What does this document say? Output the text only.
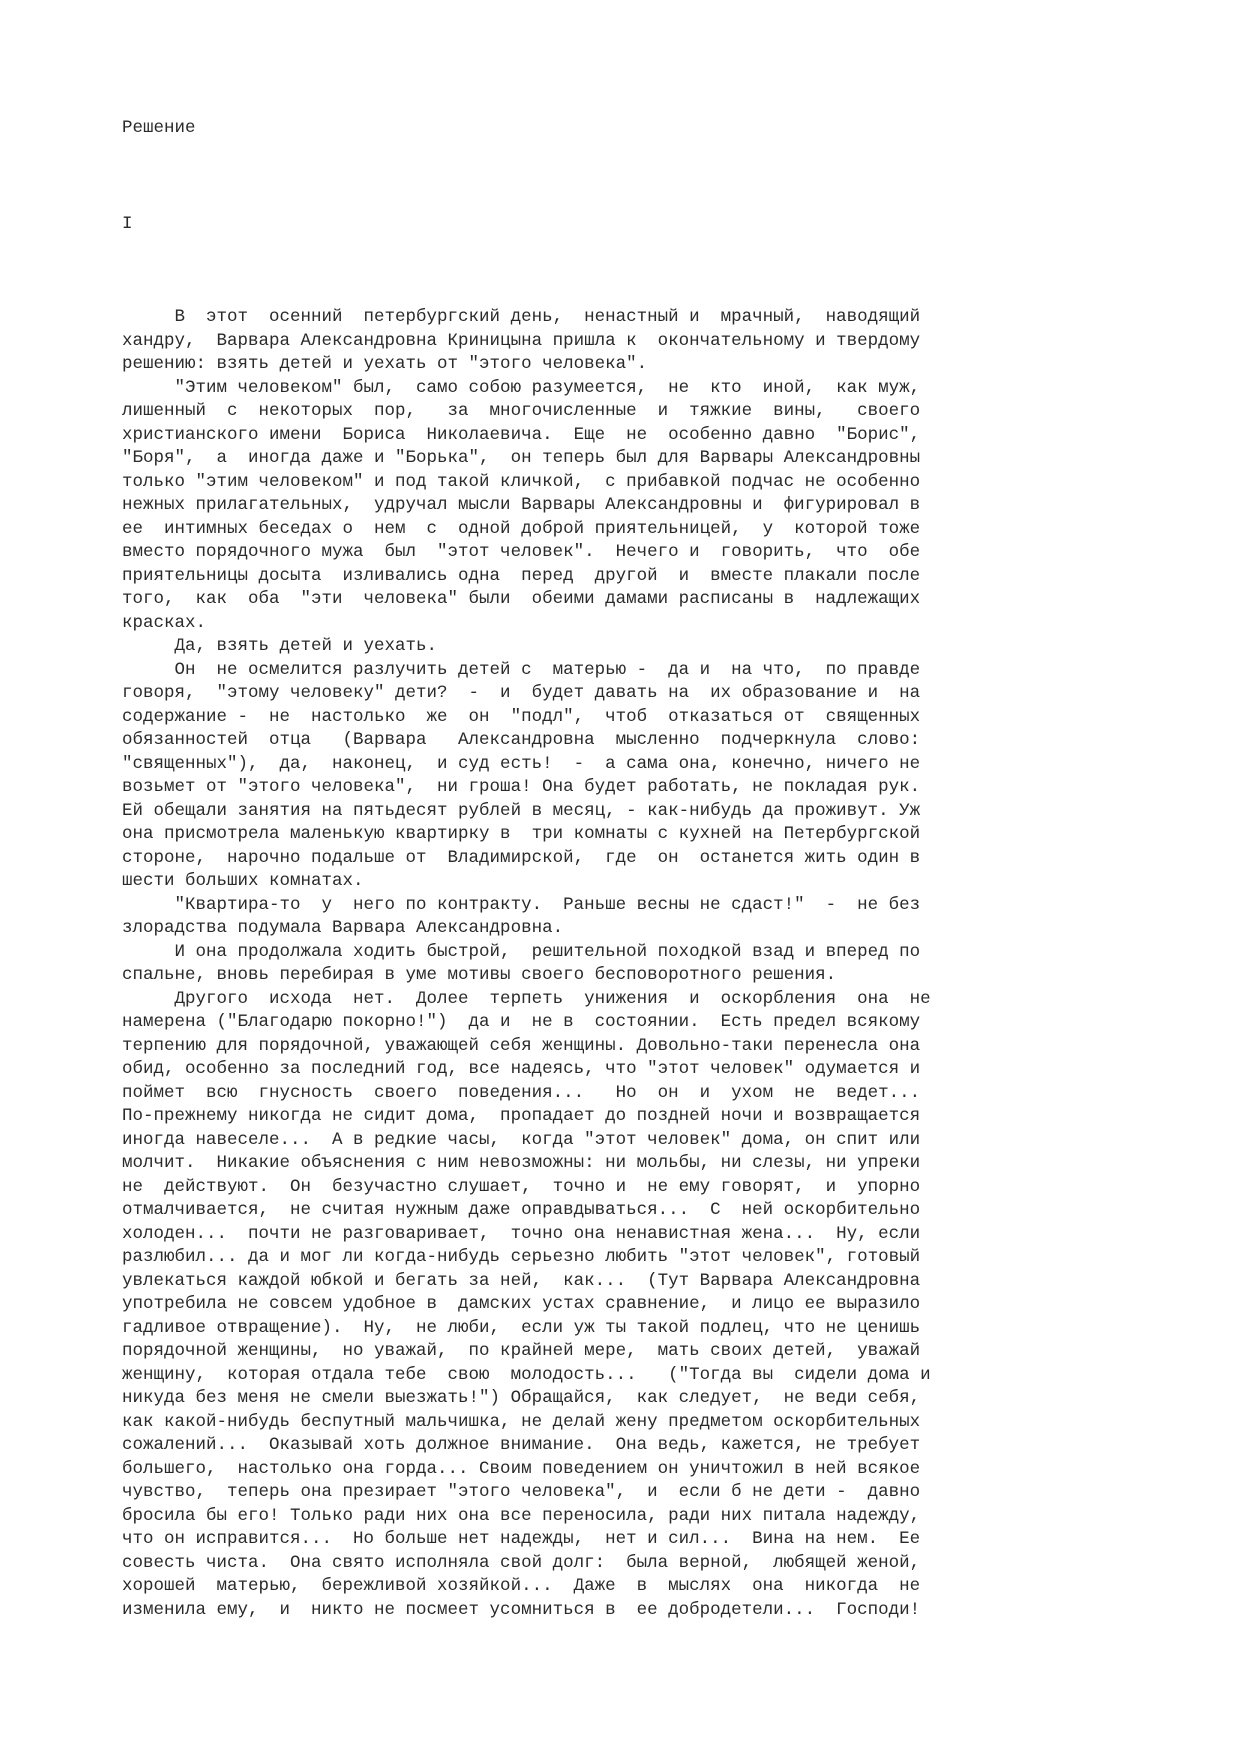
Решение
I
В  этот  осенний  петербургский день,  ненастный и  мрачный,  наводящий
хандру,  Варвара Александровна Криницына пришла к  окончательному и твердому
решению: взять детей и уехать от "этого человека".
"Этим человеком" был,  само собою разумеется,  не  кто  иной,  как муж,
лишенный  с  некоторых  пор,   за  многочисленные  и  тяжкие  вины,   своего
христианского имени  Бориса  Николаевича.  Еще  не  особенно давно  "Борис",
"Боря",  а  иногда даже и "Борька",  он теперь был для Варвары Александровны
только "этим человеком" и под такой кличкой,  с прибавкой подчас не особенно
нежных прилагательных,  удручал мысли Варвары Александровны и  фигурировал в
ее  интимных беседах о  нем  с  одной доброй приятельницей,  у  которой тоже
вместо порядочного мужа  был  "этот человек".  Нечего и  говорить,  что  обе
приятельницы досыта  изливались одна  перед  другой  и  вместе плакали после
того,  как  оба  "эти  человека" были  обеими дамами расписаны в  надлежащих
красках.
Да, взять детей и уехать.
Он  не осмелится разлучить детей с  матерью -  да и  на что,  по правде
говоря,  "этому человеку" дети?  -  и  будет давать на  их образование и  на
содержание -  не  настолько  же  он  "подл",  чтоб  отказаться от  священных
обязанностей  отца   (Варвара   Александровна  мысленно  подчеркнула  слово:
"священных"),  да,  наконец,  и суд есть!  -  а сама она, конечно, ничего не
возьмет от "этого человека",  ни гроша! Она будет работать, не покладая рук.
Ей обещали занятия на пятьдесят рублей в месяц, - как-нибудь да проживут. Уж
она присмотрела маленькую квартирку в  три комнаты с кухней на Петербургской
стороне,  нарочно подальше от  Владимирской,  где  он  останется жить один в
шести больших комнатах.
"Квартира-то  у  него по контракту.  Раньше весны не сдаст!"  -  не без
злорадства подумала Варвара Александровна.
И она продолжала ходить быстрой,  решительной походкой взад и вперед по
спальне, вновь перебирая в уме мотивы своего бесповоротного решения.
Другого  исхода  нет.  Долее  терпеть  унижения  и  оскорбления  она  не
намерена ("Благодарю покорно!")  да и  не в  состоянии.  Есть предел всякому
терпению для порядочной, уважающей себя женщины. Довольно-таки перенесла она
обид, особенно за последний год, все надеясь, что "этот человек" одумается и
поймет  всю  гнусность  своего  поведения...   Но  он  и  ухом  не  ведет...
По-прежнему никогда не сидит дома,  пропадает до поздней ночи и возвращается
иногда навеселе...  А в редкие часы,  когда "этот человек" дома, он спит или
молчит.  Никакие объяснения с ним невозможны: ни мольбы, ни слезы, ни упреки
не  действуют.  Он  безучастно слушает,  точно и  не ему говорят,  и  упорно
отмалчивается,  не считая нужным даже оправдываться...  С  ней оскорбительно
холоден...  почти не разговаривает,  точно она ненавистная жена...  Ну, если
разлюбил... да и мог ли когда-нибудь серьезно любить "этот человек", готовый
увлекаться каждой юбкой и бегать за ней,  как...  (Тут Варвара Александровна
употребила не совсем удобное в  дамских устах сравнение,  и лицо ее выразило
гадливое отвращение).  Ну,  не люби,  если уж ты такой подлец, что не ценишь
порядочной женщины,  но уважай,  по крайней мере,  мать своих детей,  уважай
женщину,  которая отдала тебе  свою  молодость...   ("Тогда вы  сидели дома и
никуда без меня не смели выезжать!") Обращайся,  как следует,  не веди себя,
как какой-нибудь беспутный мальчишка, не делай жену предметом оскорбительных
сожалений...  Оказывай хоть должное внимание.  Она ведь, кажется, не требует
большего,  настолько она горда... Своим поведением он уничтожил в ней всякое
чувство,  теперь она презирает "этого человека",  и  если б не дети -  давно
бросила бы его! Только ради них она все переносила, ради них питала надежду,
что он исправится...  Но больше нет надежды,  нет и сил...  Вина на нем.  Ее
совесть чиста.  Она свято исполняла свой долг:  была верной,  любящей женой,
хорошей  матерью,  бережливой хозяйкой...  Даже  в  мыслях  она  никогда  не
изменила ему,  и  никто не посмеет усомниться в  ее добродетели...  Господи!
